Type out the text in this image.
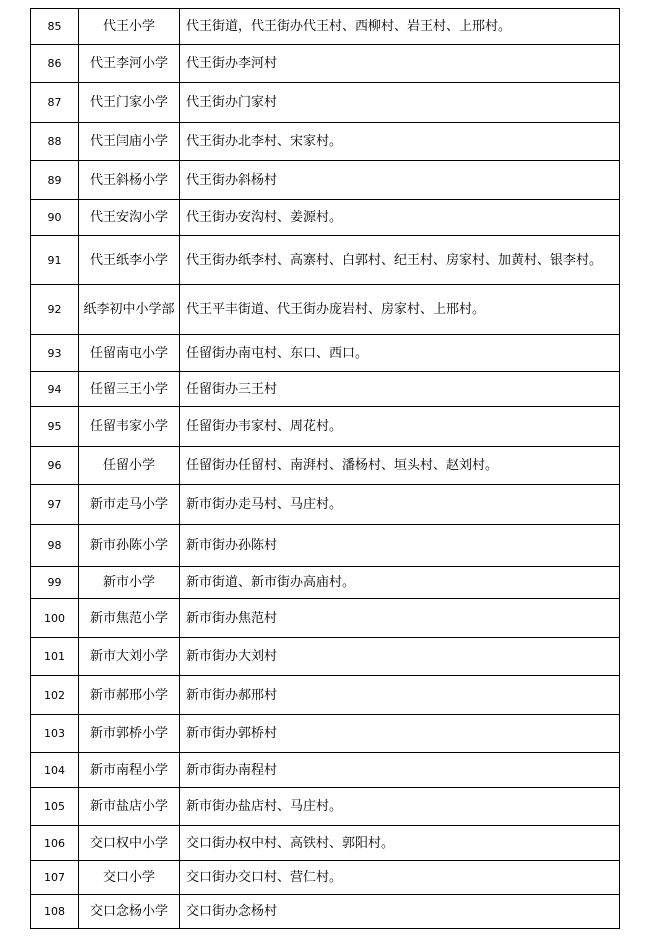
85	代王小学	代王街道，代王街办代王村、西柳村、岩王村、上邢村。
86	代王李河小学	代王街办李河村
87	代王门家小学	代王街办门家村
88	代王闫庙小学	代王街办北李村、宋家村。
89	代王斜杨小学	代王街办斜杨村
90	代王安沟小学	代王街办安沟村、姜源村。
91	代王纸李小学	代王街办纸李村、高寨村、白郭村、纪王村、房家村、加黄村、银李村。
92	纸李初中小学部	代王平丰街道、代王街办庞岩村、房家村、上邢村。
93	任留南屯小学	任留街办南屯村、东口、西口。
94	任留三王小学	任留街办三王村
95	任留韦家小学	任留街办韦家村、周花村。
96	任留小学	任留街办任留村、南湃村、潘杨村、垣头村、赵刘村。
97	新市走马小学	新市街办走马村、马庄村。
98	新市孙陈小学	新市街办孙陈村
99	新市小学	新市街道、新市街办高庙村。
100	新市焦范小学	新市街办焦范村
101	新市大刘小学	新市街办大刘村
102	新市郝邢小学	新市街办郝邢村
103	新市郭桥小学	新市街办郭桥村
104	新市南程小学	新市街办南程村
105	新市盐店小学	新市街办盐店村、马庄村。
106	交口权中小学	交口街办权中村、高铁村、郭阳村。
107	交口小学	交口街办交口村、营仁村。
108	交口念杨小学	交口街办念杨村
